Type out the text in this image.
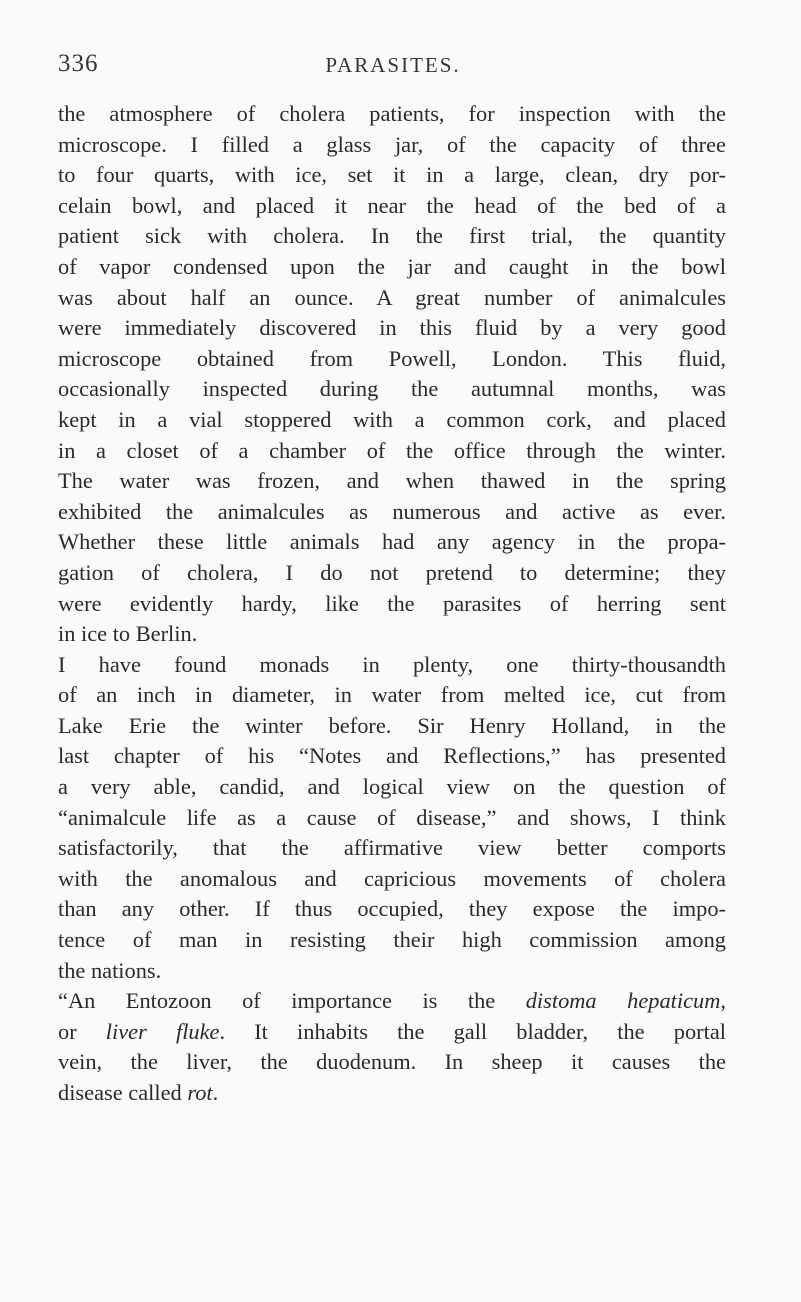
336	PARASITES.
the atmosphere of cholera patients, for inspection with the
microscope. I filled a glass jar, of the capacity of three
to four quarts, with ice, set it in a large, clean, dry por-
celain bowl, and placed it near the head of the bed of a
patient sick with cholera. In the first trial, the quantity
of vapor condensed upon the jar and caught in the bowl
was about half an ounce. A great number of animalcules
were immediately discovered in this fluid by a very good
microscope obtained from Powell, London. This fluid,
occasionally inspected during the autumnal months, was
kept in a vial stoppered with a common cork, and placed
in a closet of a chamber of the office through the winter.
The water was frozen, and when thawed in the spring
exhibited the animalcules as numerous and active as ever.
Whether these little animals had any agency in the propa-
gation of cholera, I do not pretend to determine; they
were evidently hardy, like the parasites of herring sent
in ice to Berlin.
I have found monads in plenty, one thirty-thousandth
of an inch in diameter, in water from melted ice, cut from
Lake Erie the winter before. Sir Henry Holland, in the
last chapter of his “Notes and Reflections,” has presented
a very able, candid, and logical view on the question of
“animalcule life as a cause of disease,” and shows, I think
satisfactorily, that the affirmative view better comports
with the anomalous and capricious movements of cholera
than any other. If thus occupied, they expose the impo-
tence of man in resisting their high commission among
the nations.
“An Entozoon of importance is the distoma hepaticum,
or liver fluke. It inhabits the gall bladder, the portal
vein, the liver, the duodenum. In sheep it causes the
disease called rot.
